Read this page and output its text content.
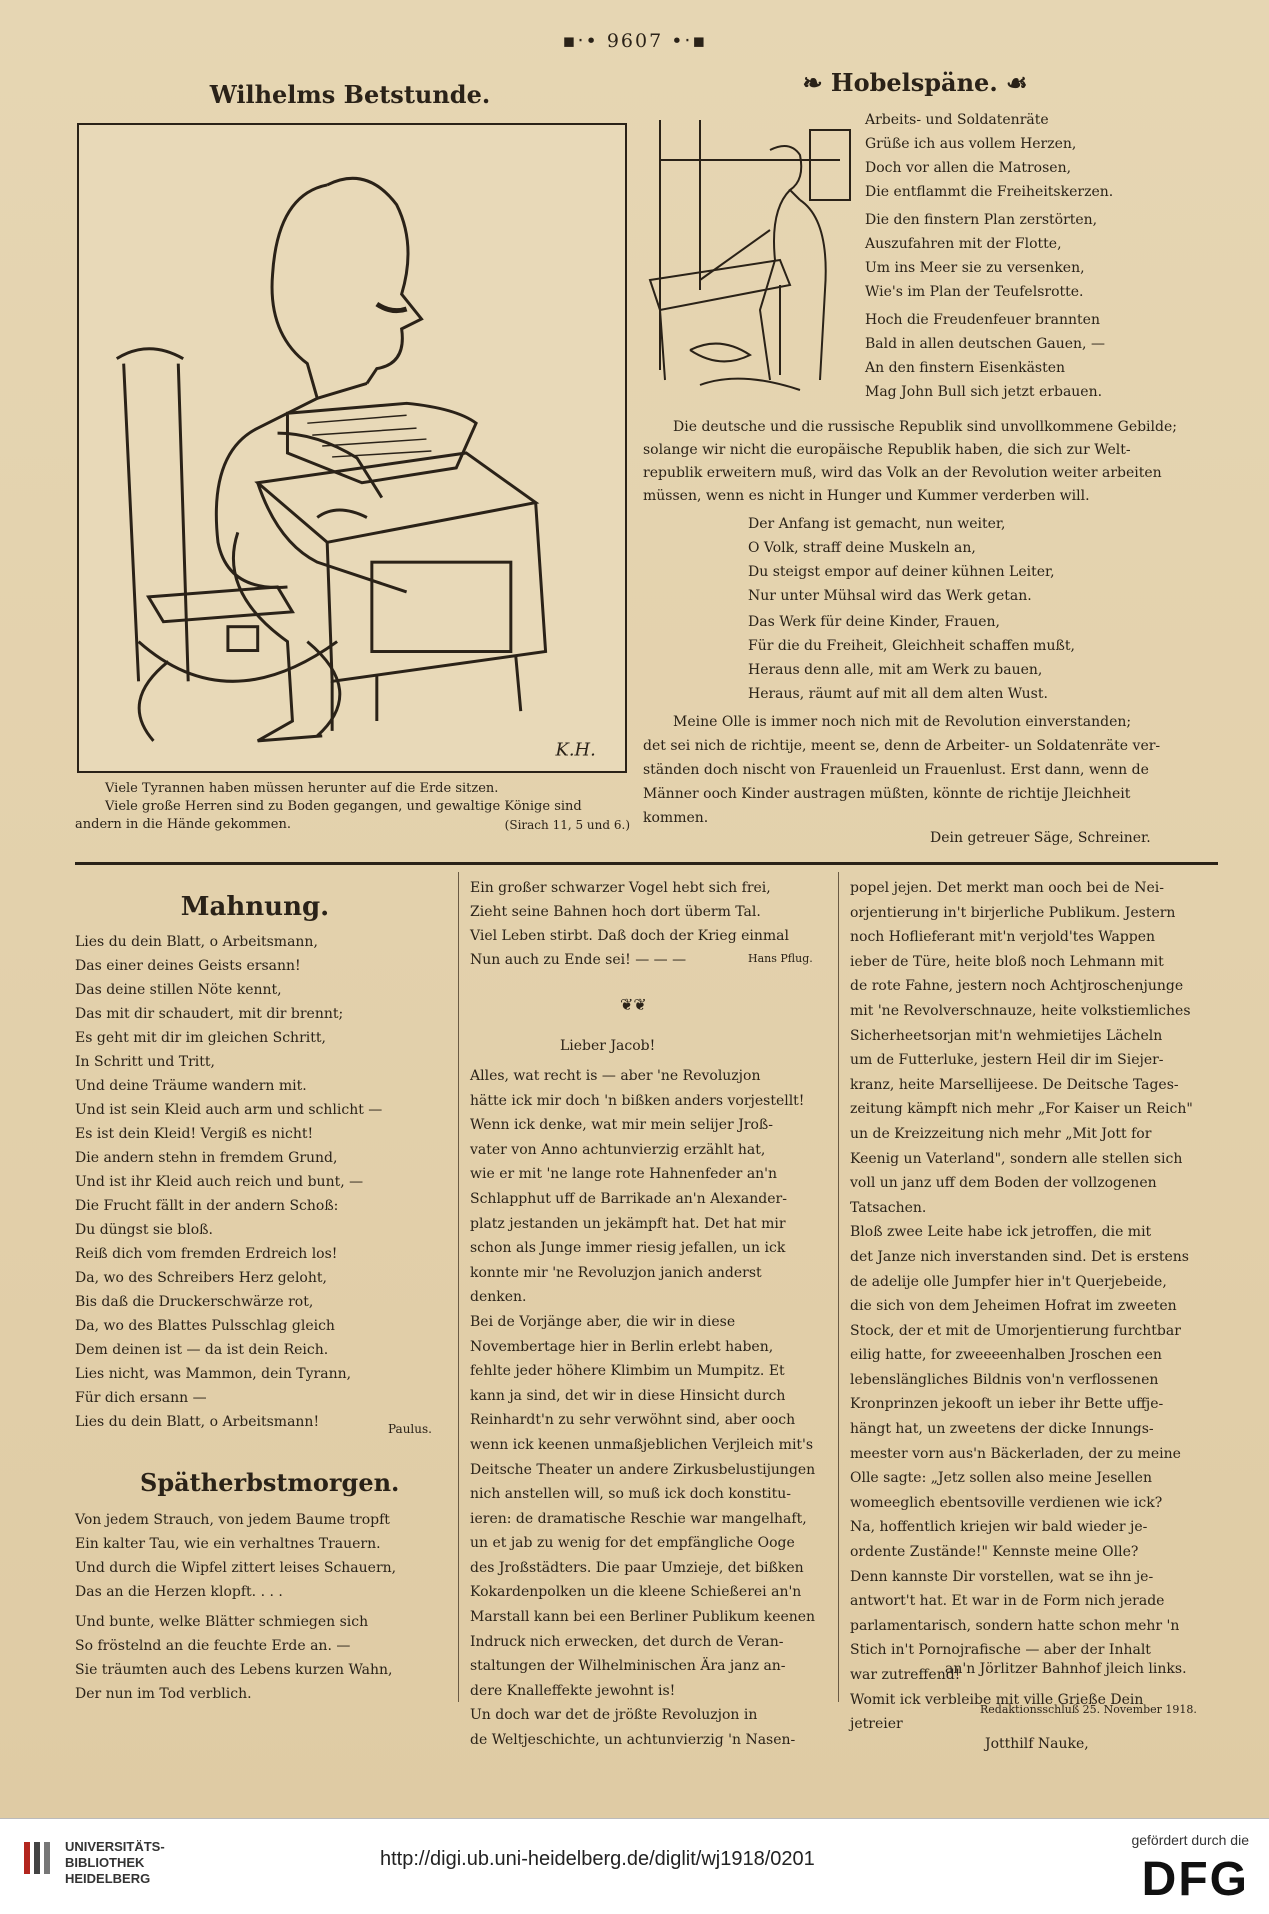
▪‧• 9607 •‧▪
Wilhelms Betstunde.
K.H.
Viele Tyrannen haben müssen herunter auf die Erde sitzen.
Viele große Herren sind zu Boden gegangen, und gewaltige Könige sind
andern in die Hände gekommen.	(Sirach 11, 5 und 6.)
❧ Hobelspäne. ☙
Arbeits- und Soldatenräte
Grüße ich aus vollem Herzen,
Doch vor allen die Matrosen,
Die entflammt die Freiheitskerzen.
Die den finstern Plan zerstörten,
Auszufahren mit der Flotte,
Um ins Meer sie zu versenken,
Wie's im Plan der Teufelsrotte.
Hoch die Freudenfeuer brannten
Bald in allen deutschen Gauen, —
An den finstern Eisenkästen
Mag John Bull sich jetzt erbauen.
Die deutsche und die russische Republik sind unvollkommene Gebilde;
solange wir nicht die europäische Republik haben, die sich zur Welt-
republik erweitern muß, wird das Volk an der Revolution weiter arbeiten
müssen, wenn es nicht in Hunger und Kummer verderben will.
Der Anfang ist gemacht, nun weiter,
O Volk, straff deine Muskeln an,
Du steigst empor auf deiner kühnen Leiter,
Nur unter Mühsal wird das Werk getan.
Das Werk für deine Kinder, Frauen,
Für die du Freiheit, Gleichheit schaffen mußt,
Heraus denn alle, mit am Werk zu bauen,
Heraus, räumt auf mit all dem alten Wust.
Meine Olle is immer noch nich mit de Revolution einverstanden;
det sei nich de richtije, meent se, denn de Arbeiter- un Soldatenräte ver-
ständen doch nischt von Frauenleid un Frauenlust. Erst dann, wenn de
Männer ooch Kinder austragen müßten, könnte de richtije Jleichheit
kommen.
Dein getreuer Säge, Schreiner.
Mahnung.
Lies du dein Blatt, o Arbeitsmann,
Das einer deines Geists ersann!
Das deine stillen Nöte kennt,
Das mit dir schaudert, mit dir brennt;
Es geht mit dir im gleichen Schritt,
In Schritt und Tritt,
Und deine Träume wandern mit.
Und ist sein Kleid auch arm und schlicht —
Es ist dein Kleid! Vergiß es nicht!
Die andern stehn in fremdem Grund,
Und ist ihr Kleid auch reich und bunt, —
Die Frucht fällt in der andern Schoß:
Du düngst sie bloß.
Reiß dich vom fremden Erdreich los!
Da, wo des Schreibers Herz geloht,
Bis daß die Druckerschwärze rot,
Da, wo des Blattes Pulsschlag gleich
Dem deinen ist — da ist dein Reich.
Lies nicht, was Mammon, dein Tyrann,
Für dich ersann —
Lies du dein Blatt, o Arbeitsmann!	Paulus.
Spätherbstmorgen.
Von jedem Strauch, von jedem Baume tropft
Ein kalter Tau, wie ein verhaltnes Trauern.
Und durch die Wipfel zittert leises Schauern,
Das an die Herzen klopft. . . .
Und bunte, welke Blätter schmiegen sich
So fröstelnd an die feuchte Erde an. —
Sie träumten auch des Lebens kurzen Wahn,
Der nun im Tod verblich.
Ein großer schwarzer Vogel hebt sich frei,
Zieht seine Bahnen hoch dort überm Tal.
Viel Leben stirbt. Daß doch der Krieg einmal
Nun auch zu Ende sei! — — —	Hans Pflug.
❦❦
Lieber Jacob!
Alles, wat recht is — aber 'ne Revoluzjon
hätte ick mir doch 'n bißken anders vorjestellt!
Wenn ick denke, wat mir mein selijer Jroß-
vater von Anno achtunvierzig erzählt hat,
wie er mit 'ne lange rote Hahnenfeder an'n
Schlapphut uff de Barrikade an'n Alexander-
platz jestanden un jekämpft hat. Det hat mir
schon als Junge immer riesig jefallen, un ick
konnte mir 'ne Revoluzjon janich anderst
denken.
Bei de Vorjänge aber, die wir in diese
Novembertage hier in Berlin erlebt haben,
fehlte jeder höhere Klimbim un Mumpitz. Et
kann ja sind, det wir in diese Hinsicht durch
Reinhardt'n zu sehr verwöhnt sind, aber ooch
wenn ick keenen unmaßjeblichen Verjleich mit's
Deitsche Theater un andere Zirkusbelustijungen
nich anstellen will, so muß ick doch konstitu-
ieren: de dramatische Reschie war mangelhaft,
un et jab zu wenig for det empfängliche Ooge
des Jroßstädters. Die paar Umzieje, det bißken
Kokardenpolken un die kleene Schießerei an'n
Marstall kann bei een Berliner Publikum keenen
Indruck nich erwecken, det durch de Veran-
staltungen der Wilhelminischen Ära janz an-
dere Knalleffekte jewohnt is!
Un doch war det de jrößte Revoluzjon in
de Weltjeschichte, un achtunvierzig 'n Nasen-
popel jejen. Det merkt man ooch bei de Nei-
orjentierung in't birjerliche Publikum. Jestern
noch Hoflieferant mit'n verjold'tes Wappen
ieber de Türe, heite bloß noch Lehmann mit
de rote Fahne, jestern noch Achtjroschenjunge
mit 'ne Revolverschnauze, heite volkstiemliches
Sicherheetsorjan mit'n wehmietijes Lächeln
um de Futterluke, jestern Heil dir im Siejer-
kranz, heite Marsellijeese. De Deitsche Tages-
zeitung kämpft nich mehr „For Kaiser un Reich"
un de Kreizzeitung nich mehr „Mit Jott for
Keenig un Vaterland", sondern alle stellen sich
voll un janz uff dem Boden der vollzogenen
Tatsachen.
Bloß zwee Leite habe ick jetroffen, die mit
det Janze nich inverstanden sind. Det is erstens
de adelije olle Jumpfer hier in't Querjebeide,
die sich von dem Jeheimen Hofrat im zweeten
Stock, der et mit de Umorjentierung furchtbar
eilig hatte, for zweeeenhalben Jroschen een
lebenslängliches Bildnis von'n verflossenen
Kronprinzen jekooft un ieber ihr Bette uffje-
hängt hat, un zweetens der dicke Innungs-
meester vorn aus'n Bäckerladen, der zu meine
Olle sagte: „Jetz sollen also meine Jesellen
womeeglich ebentsoville verdienen wie ick?
Na, hoffentlich kriejen wir bald wieder je-
ordente Zustände!" Kennste meine Olle?
Denn kannste Dir vorstellen, wat se ihn je-
antwort't hat. Et war in de Form nich jerade
parlamentarisch, sondern hatte schon mehr 'n
Stich in't Pornojrafische — aber der Inhalt
war zutreffend!
Womit ick verbleibe mit ville Grieße Dein
jetreier
Jotthilf Nauke,
an'n Jörlitzer Bahnhof jleich links.
Redaktionsschluß 25. November 1918.
UNIVERSITÄTS-
BIBLIOTHEK
HEIDELBERG
http://digi.ub.uni-heidelberg.de/diglit/wj1918/0201
gefördert durch die
DFG
